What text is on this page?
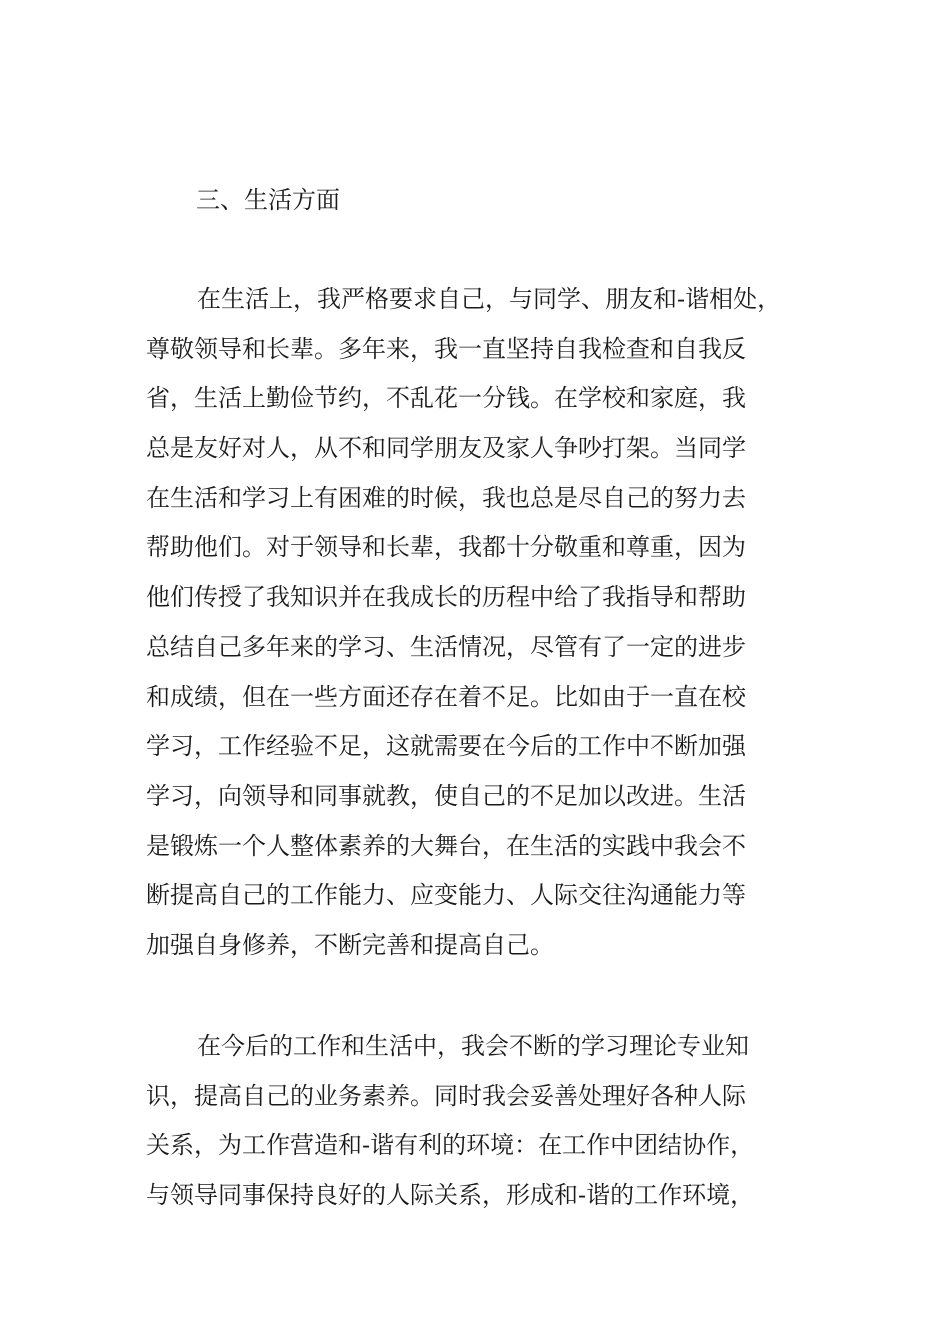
三、生活方面
在生活上，我严格要求自己，与同学、朋友和-谐相处，
尊敬领导和长辈。多年来，我一直坚持自我检查和自我反
省，生活上勤俭节约，不乱花一分钱。在学校和家庭，我
总是友好对人，从不和同学朋友及家人争吵打架。当同学
在生活和学习上有困难的时候，我也总是尽自己的努力去
帮助他们。对于领导和长辈，我都十分敬重和尊重，因为
他们传授了我知识并在我成长的历程中给了我指导和帮助
总结自己多年来的学习、生活情况，尽管有了一定的进步
和成绩，但在一些方面还存在着不足。比如由于一直在校
学习，工作经验不足，这就需要在今后的工作中不断加强
学习，向领导和同事就教，使自己的不足加以改进。生活
是锻炼一个人整体素养的大舞台，在生活的实践中我会不
断提高自己的工作能力、应变能力、人际交往沟通能力等
加强自身修养，不断完善和提高自己。
在今后的工作和生活中，我会不断的学习理论专业知
识，提高自己的业务素养。同时我会妥善处理好各种人际
关系，为工作营造和-谐有利的环境：在工作中团结协作，
与领导同事保持良好的人际关系，形成和-谐的工作环境，
